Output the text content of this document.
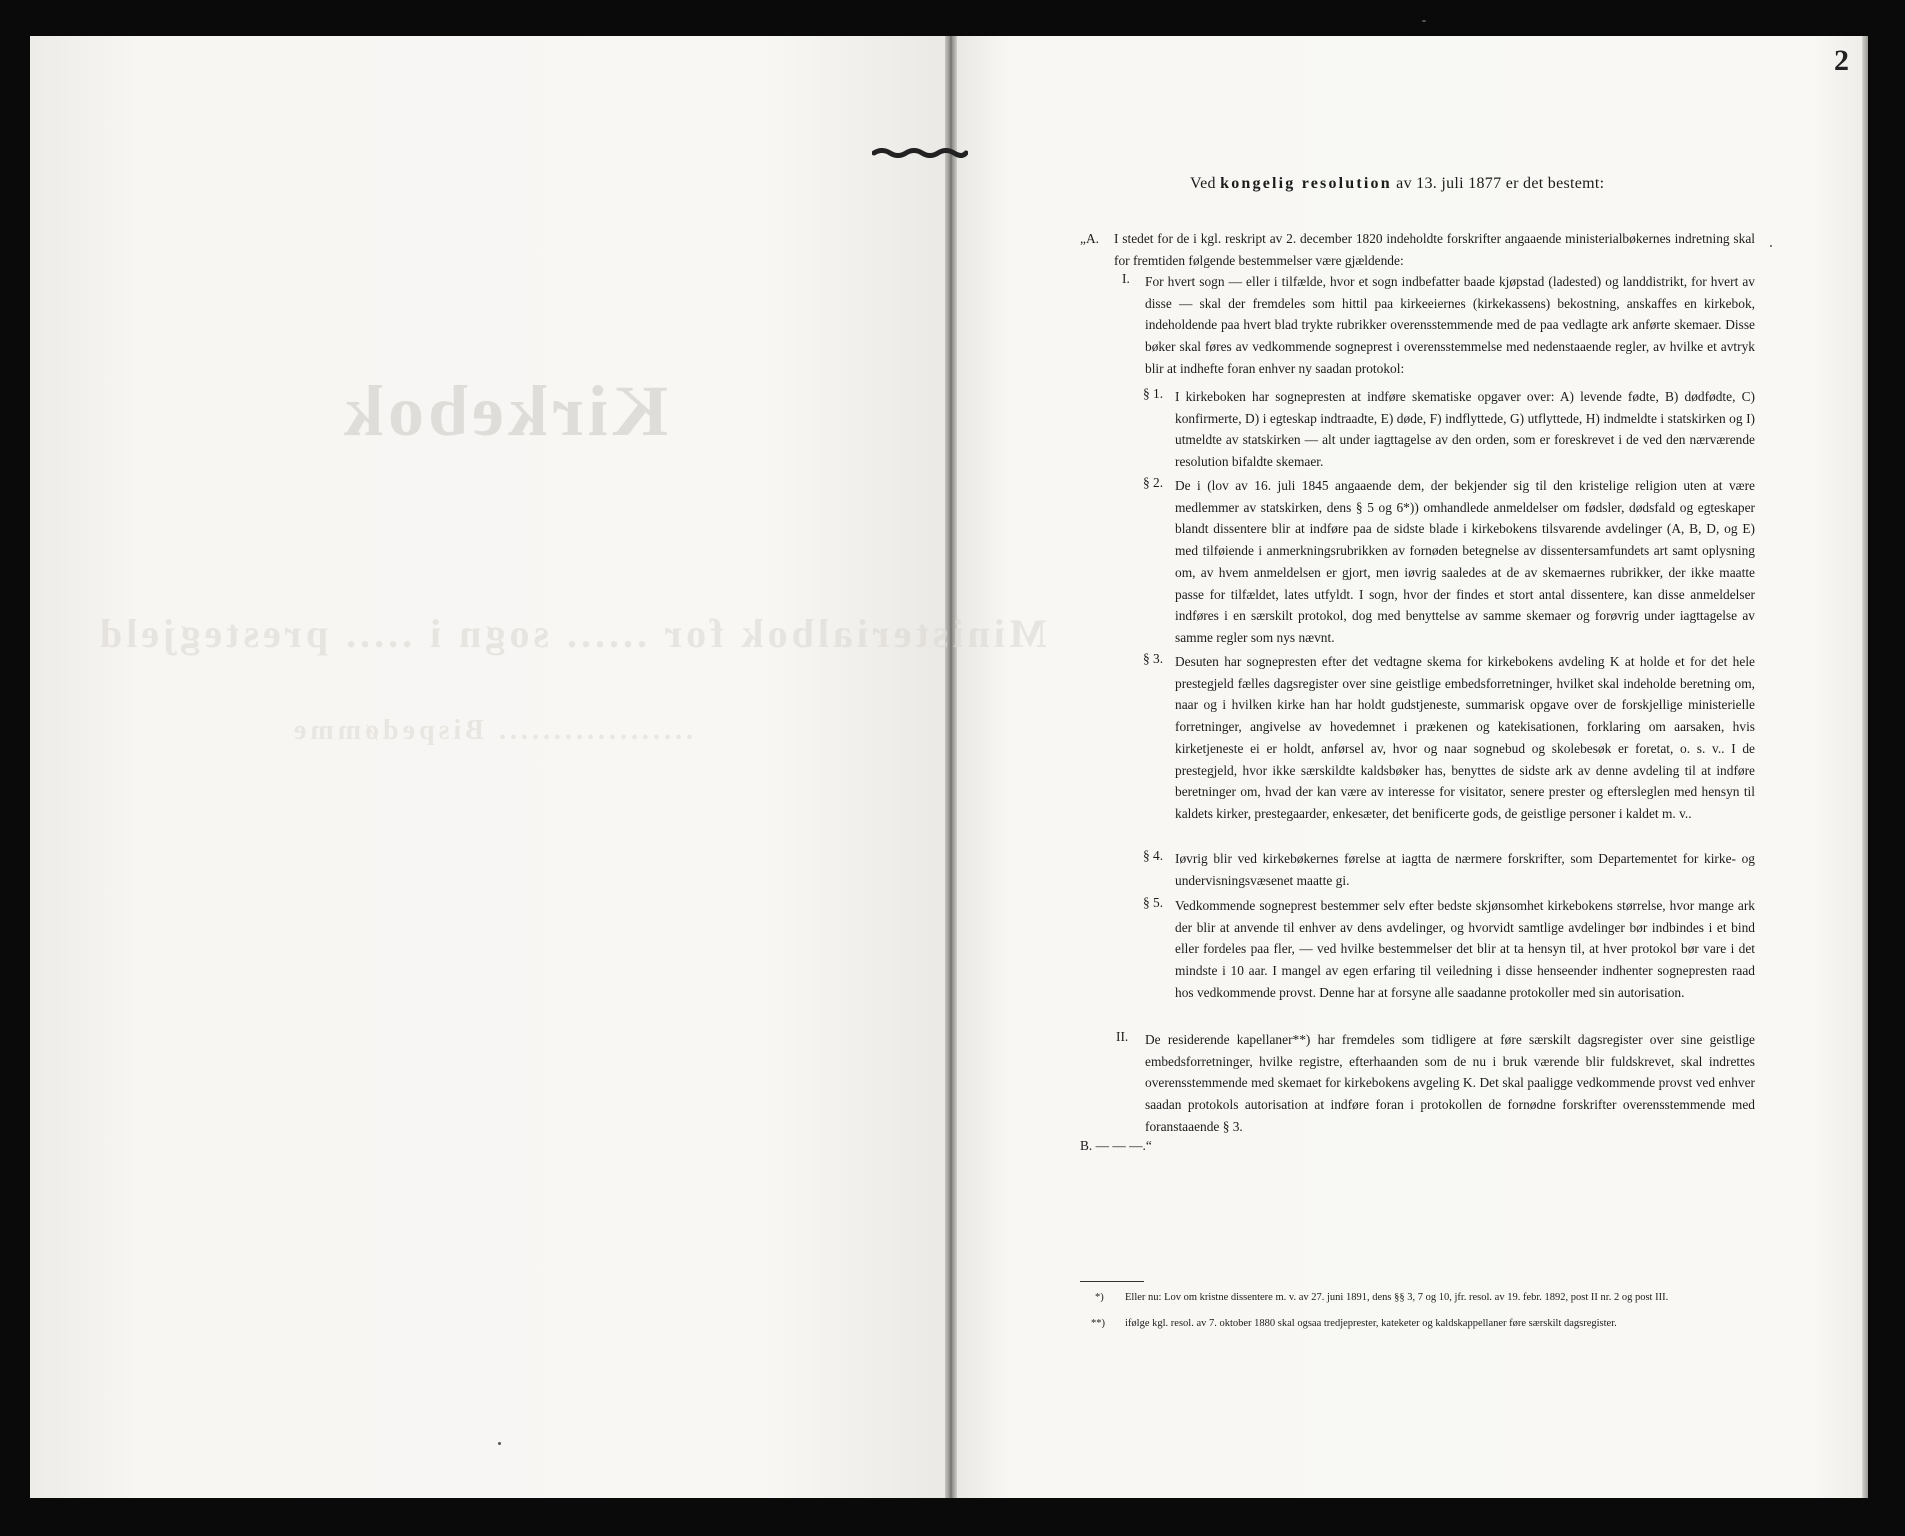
Kirkebok
Ministerialbok for ...... sogn i ..... prestegjeld
.................. Bispedømme
2
Ved kongelig resolution av 13. juli 1877 er det bestemt:
„A. I stedet for de i kgl. reskript av 2. december 1820 indeholdte forskrifter angaaende ministerialbøkernes indretning skal for fremtiden følgende bestemmelser være gjældende:

I. For hvert sogn — eller i tilfælde, hvor et sogn indbefatter baade kjøpstad (ladested) og landdistrikt, for hvert av disse — skal der fremdeles som hittil paa kirkeeiernes (kirkekassens) bekostning, anskaffes en kirkebok, indeholdende paa hvert blad trykte rubrikker overensstemmende med de paa vedlagte ark anførte skemaer. Disse bøker skal føres av vedkommende sogneprest i overensstemmelse med nedenstaaende regler, av hvilke et avtryk blir at indhefte foran enhver ny saadan protokol:

§ 1. I kirkeboken har sognepresten at indføre skematiske opgaver over: A) levende fødte, B) dødfødte, C) konfirmerte, D) i egteskap indtraadte, E) døde, F) indflyttede, G) utflyttede, H) indmeldte i statskirken og I) utmeldte av statskirken — alt under iagttagelse av den orden, som er foreskrevet i de ved den nærværende resolution bifaldte skemaer.

§ 2. De i (lov av 16. juli 1845 angaaende dem, der bekjender sig til den kristelige religion uten at være medlemmer av statskirken, dens § 5 og 6*)) omhandlede anmeldelser om fødsler, dødsfald og egteskaper blandt dissentere blir at indføre paa de sidste blade i kirkebokens tilsvarende avdelinger (A, B, D, og E) med tilføiende i anmerkningsrubrikken av fornøden betegnelse av dissentersamfundets art samt oplysning om, av hvem anmeldelsen er gjort, men iøvrig saaledes at de av skemaernes rubrikker, der ikke maatte passe for tilfældet, lates utfyldt. I sogn, hvor der findes et stort antal dissentere, kan disse anmeldelser indføres i en særskilt protokol, dog med benyttelse av samme skemaer og forøvrig under iagttagelse av samme regler som nys nævnt.

§ 3. Desuten har sognepresten efter det vedtagne skema for kirkebokens avdeling K at holde et for det hele prestegjeld fælles dagsregister over sine geistlige embedsforretninger, hvilket skal indeholde beretning om, naar og i hvilken kirke han har holdt gudstjeneste, summarisk opgave over de forskjellige ministerielle forretninger, angivelse av hovedemnet i prækenen og katekisationen, forklaring om aarsaken, hvis kirketjeneste ei er holdt, anførsel av, hvor og naar sognebud og skolebesøk er foretat, o. s. v.. I de prestegjeld, hvor ikke særskildte kaldsbøker has, benyttes de sidste ark av denne avdeling til at indføre beretninger om, hvad der kan være av interesse for visitator, senere prester og eftersleglen med hensyn til kaldets kirker, prestegaarder, enkesæter, det benificerte gods, de geistlige personer i kaldet m. v..

§ 4. Iøvrig blir ved kirkebøkernes førelse at iagtta de nærmere forskrifter, som Departementet for kirke- og undervisningsvæsenet maatte gi.

§ 5. Vedkommende sogneprest bestemmer selv efter bedste skjønsomhet kirkebokens størrelse, hvor mange ark der blir at anvende til enhver av dens avdelinger, og hvorvidt samtlige avdelinger bør indbindes i et bind eller fordeles paa fler, — ved hvilke bestemmelser det blir at ta hensyn til, at hver protokol bør vare i det mindste i 10 aar. I mangel av egen erfaring til veiledning i disse henseender indhenter sognepresten raad hos vedkommende provst. Denne har at forsyne alle saadanne protokoller med sin autorisation.

II. De residerende kapellaner**) har fremdeles som tidligere at føre særskilt dagsregister over sine geistlige embedsforretninger, hvilke registre, efterhaanden som de nu i bruk værende blir fuldskrevet, skal indrettes overensstemmende med skemaet for kirkebokens avgeling K. Det skal paaligge vedkommende provst ved enhver saadan protokols autorisation at indføre foran i protokollen de fornødne forskrifter overensstemmende med foranstaaende § 3.

B. — — —.“

*) Eller nu: Lov om kristne dissentere m. v. av 27. juni 1891, dens §§ 3, 7 og 10, jfr. resol. av 19. febr. 1892, post II nr. 2 og post III.
**) ifølge kgl. resol. av 7. oktober 1880 skal ogsaa tredjeprester, kateketer og kaldskappellaner føre særskilt dagsregister.
